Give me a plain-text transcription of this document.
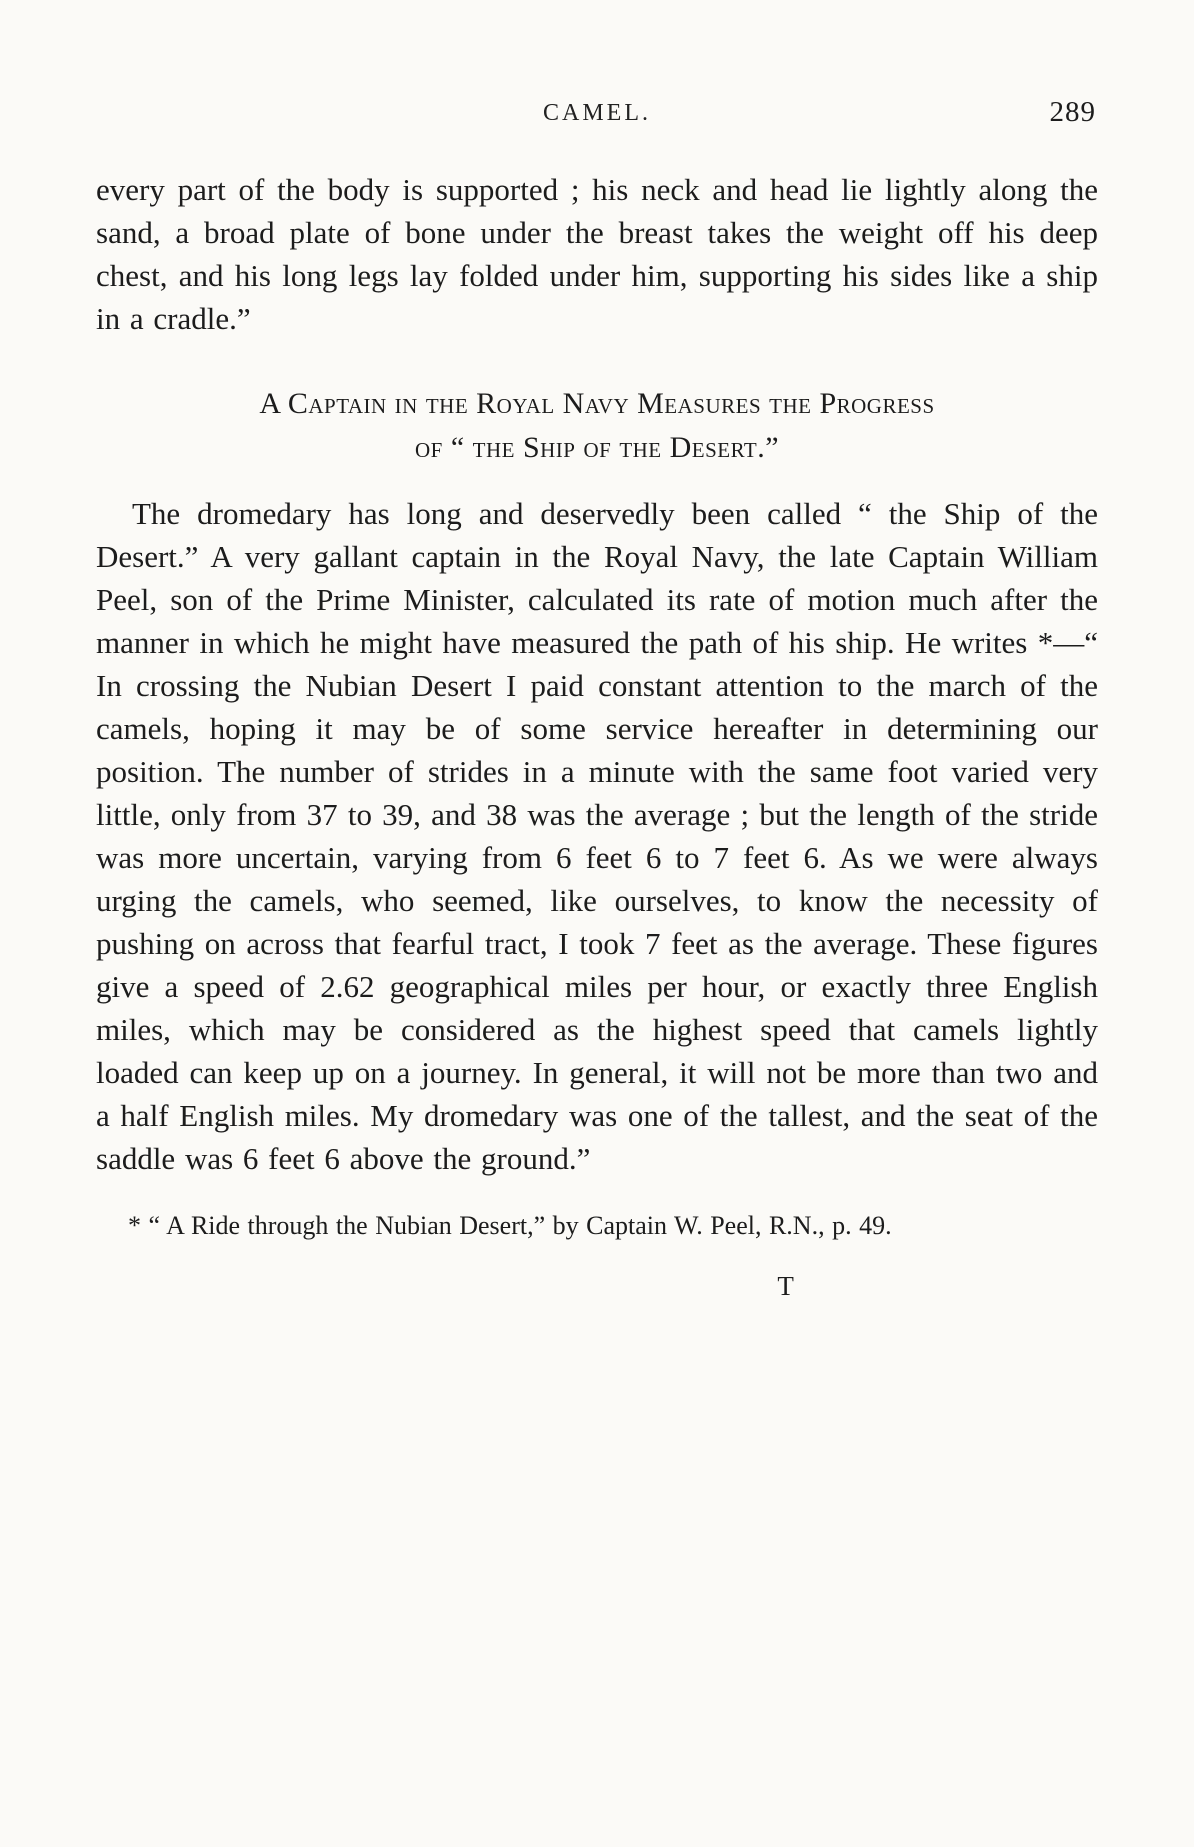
CAMEL.	289

every part of the body is supported ; his neck and head lie lightly along the sand, a broad plate of bone under the breast takes the weight off his deep chest, and his long legs lay folded under him, supporting his sides like a ship in a cradle.”

A Captain in the Royal Navy Measures the Progress
of “ the Ship of the Desert.”

The dromedary has long and deservedly been called “ the Ship of the Desert.” A very gallant captain in the Royal Navy, the late Captain William Peel, son of the Prime Minister, calculated its rate of motion much after the manner in which he might have measured the path of his ship. He writes *—“ In crossing the Nubian Desert I paid constant attention to the march of the camels, hoping it may be of some service hereafter in determining our position. The number of strides in a minute with the same foot varied very little, only from 37 to 39, and 38 was the average ; but the length of the stride was more uncertain, varying from 6 feet 6 to 7 feet 6. As we were always urging the camels, who seemed, like ourselves, to know the necessity of pushing on across that fearful tract, I took 7 feet as the average. These figures give a speed of 2.62 geographical miles per hour, or exactly three English miles, which may be considered as the highest speed that camels lightly loaded can keep up on a journey. In general, it will not be more than two and a half English miles. My dromedary was one of the tallest, and the seat of the saddle was 6 feet 6 above the ground.”

* “ A Ride through the Nubian Desert,” by Captain W. Peel, R.N., p. 49.

T
